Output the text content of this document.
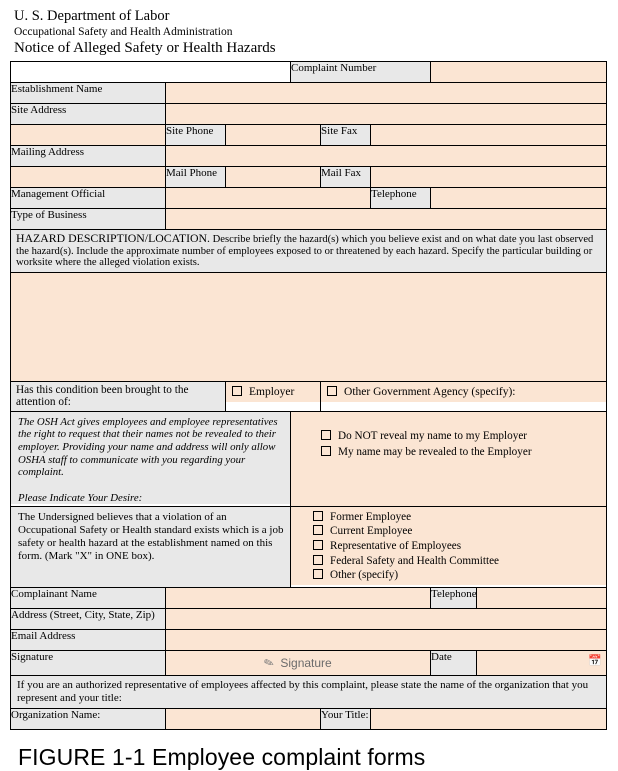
U. S. Department of Labor
Occupational Safety and Health Administration
Notice of Alleged Safety or Health Hazards
			Complaint Number				
Establishment Name							
Site Address							
	Site Phone			Site Fax			
Mailing Address							
	Mail Phone			Mail Fax			
Management Official					Telephone		
Type of Business							

HAZARD DESCRIPTION/LOCATION. Describe briefly the hazard(s) which you believe exist and on what date you last observed the hazard(s). Include the approximate number of employees exposed to or threatened by each hazard. Specify the particular building or worksite where the alleged violation exists.							

Has this condition been brought to the attention of:		Employer		Other Government Agency (specify):			

The OSH Act gives employees and employee representatives the right to request that their names not be revealed to their employer. Providing your name and address will only allow OSHA staff to communicate with you regarding your complaint.
Please Indicate Your Desire:

Do NOT reveal my name to my Employer
My name may be revealed to the Employer

The Undersigned believes that a violation of an Occupational Safety or Health standard exists which is a job safety or health hazard at the establishment named on this form. (Mark "X" in ONE box).			Former Employee
Current Employee
Representative of Employees
Federal Safety and Health Committee
Other (specify)				

Complainant Name						Telephone	
Address (Street, City, State, Zip)							
Email Address							
Signature	✎ Signature					Date	📅

If you are an authorized representative of employees affected by this complaint, please state the name of the organization that you represent and your title:							

Organization Name:				Your Title:			
FIGURE 1-1 Employee complaint forms
